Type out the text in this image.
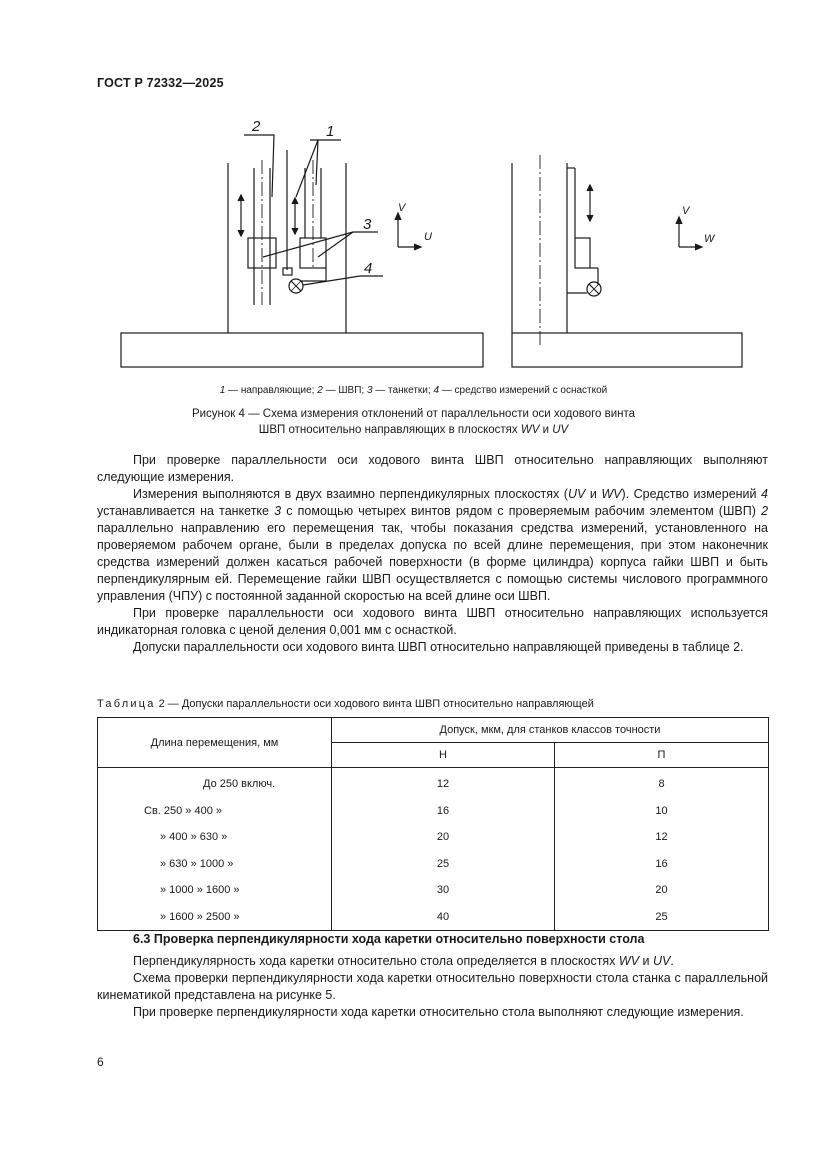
ГОСТ Р 72332—2025
2	1
3
4
V
U
V
W
1 — направляющие; 2 — ШВП; 3 — танкетки; 4 — средство измерений с оснасткой
Рисунок 4 — Схема измерения отклонений от параллельности оси ходового винта
ШВП относительно направляющих в плоскостях WV и UV

При проверке параллельности оси ходового винта ШВП относительно направляющих выполняют следующие измерения.

Измерения выполняются в двух взаимно перпендикулярных плоскостях (UV и WV). Средство измерений 4 устанавливается на танкетке 3 с помощью четырех винтов рядом с проверяемым рабочим элементом (ШВП) 2 параллельно направлению его перемещения так, чтобы показания средства измерений, установленного на проверяемом рабочем органе, были в пределах допуска по всей длине перемещения, при этом наконечник средства измерений должен касаться рабочей поверхности (в форме цилиндра) корпуса гайки ШВП и быть перпендикулярным ей. Перемещение гайки ШВП осуществляется с помощью системы числового программного управления (ЧПУ) с постоянной заданной скоростью на всей длине оси ШВП.

При проверке параллельности оси ходового винта ШВП относительно направляющих используется индикаторная головка с ценой деления 0,001 мм с оснасткой.

Допуски параллельности оси ходового винта ШВП относительно направляющей приведены в таблице 2.

Таблица 2 — Допуски параллельности оси ходового винта ШВП относительно направляющей
Длина перемещения, мм	Допуск, мкм, для станков классов точности	
	Н	П
До 250 включ.	12	8
Св. 250 » 400 »	16	10
» 400 » 630 »	20	12
» 630 » 1000 »	25	16
» 1000 » 1600 »	30	20
» 1600 » 2500 »	40	25
6.3 Проверка перпендикулярности хода каретки относительно поверхности стола

Перпендикулярность хода каретки относительно стола определяется в плоскостях WV и UV.

Схема проверки перпендикулярности хода каретки относительно поверхности стола станка с параллельной кинематикой представлена на рисунке 5.

При проверке перпендикулярности хода каретки относительно стола выполняют следующие измерения.

6
